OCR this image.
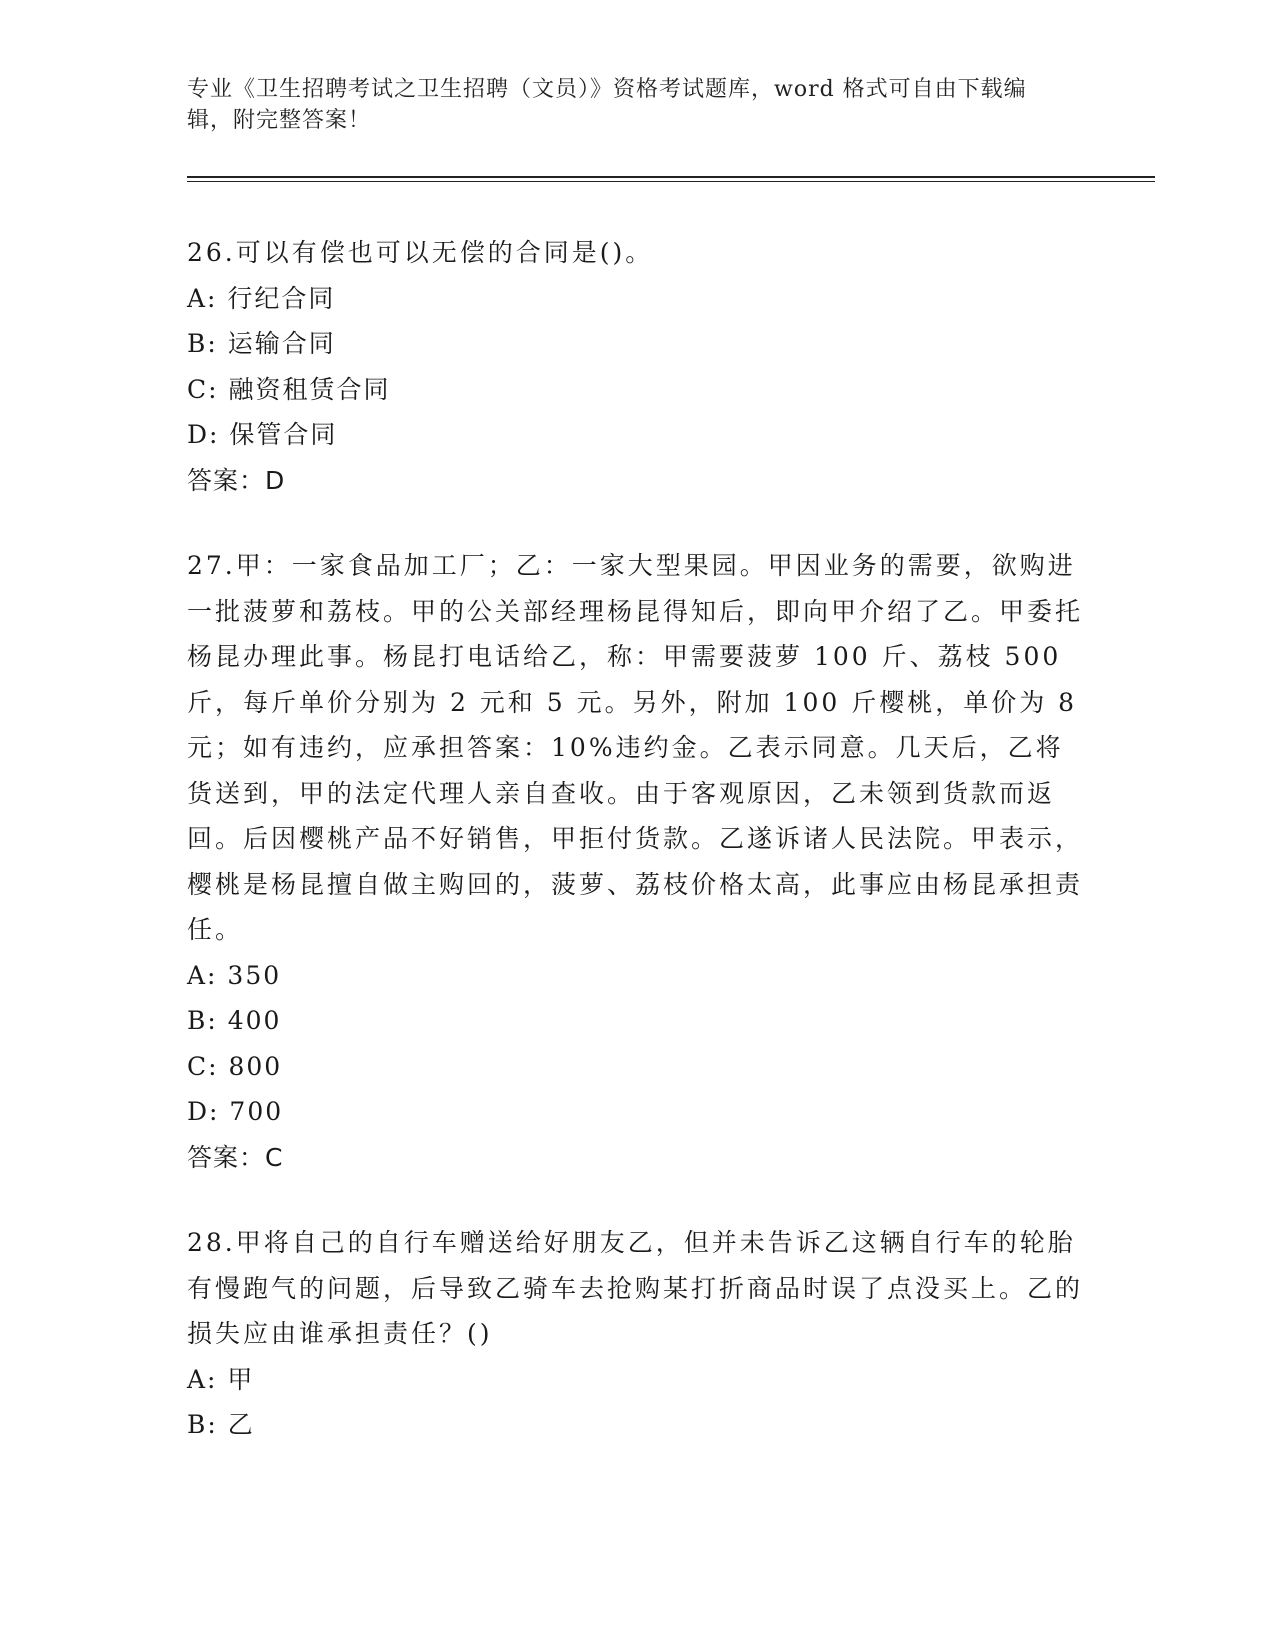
专业《卫生招聘考试之卫生招聘（文员）》资格考试题库，word 格式可自由下载编辑，附完整答案！

26.可以有偿也可以无偿的合同是()。

A: 行纪合同

B: 运输合同

C: 融资租赁合同

D: 保管合同

答案：D

27.甲：一家食品加工厂；乙：一家大型果园。甲因业务的需要，欲购进一批菠萝和荔枝。甲的公关部经理杨昆得知后，即向甲介绍了乙。甲委托杨昆办理此事。杨昆打电话给乙，称：甲需要菠萝 100 斤、荔枝 500 斤，每斤单价分别为 2 元和 5 元。另外，附加 100 斤樱桃，单价为 8 元；如有违约，应承担答案：10%违约金。乙表示同意。几天后，乙将货送到，甲的法定代理人亲自查收。由于客观原因，乙未领到货款而返回。后因樱桃产品不好销售，甲拒付货款。乙遂诉诸人民法院。甲表示，樱桃是杨昆擅自做主购回的，菠萝、荔枝价格太高，此事应由杨昆承担责任。

A: 350

B: 400

C: 800

D: 700

答案：C

28.甲将自己的自行车赠送给好朋友乙，但并未告诉乙这辆自行车的轮胎有慢跑气的问题，后导致乙骑车去抢购某打折商品时误了点没买上。乙的损失应由谁承担责任？()

A: 甲

B: 乙
